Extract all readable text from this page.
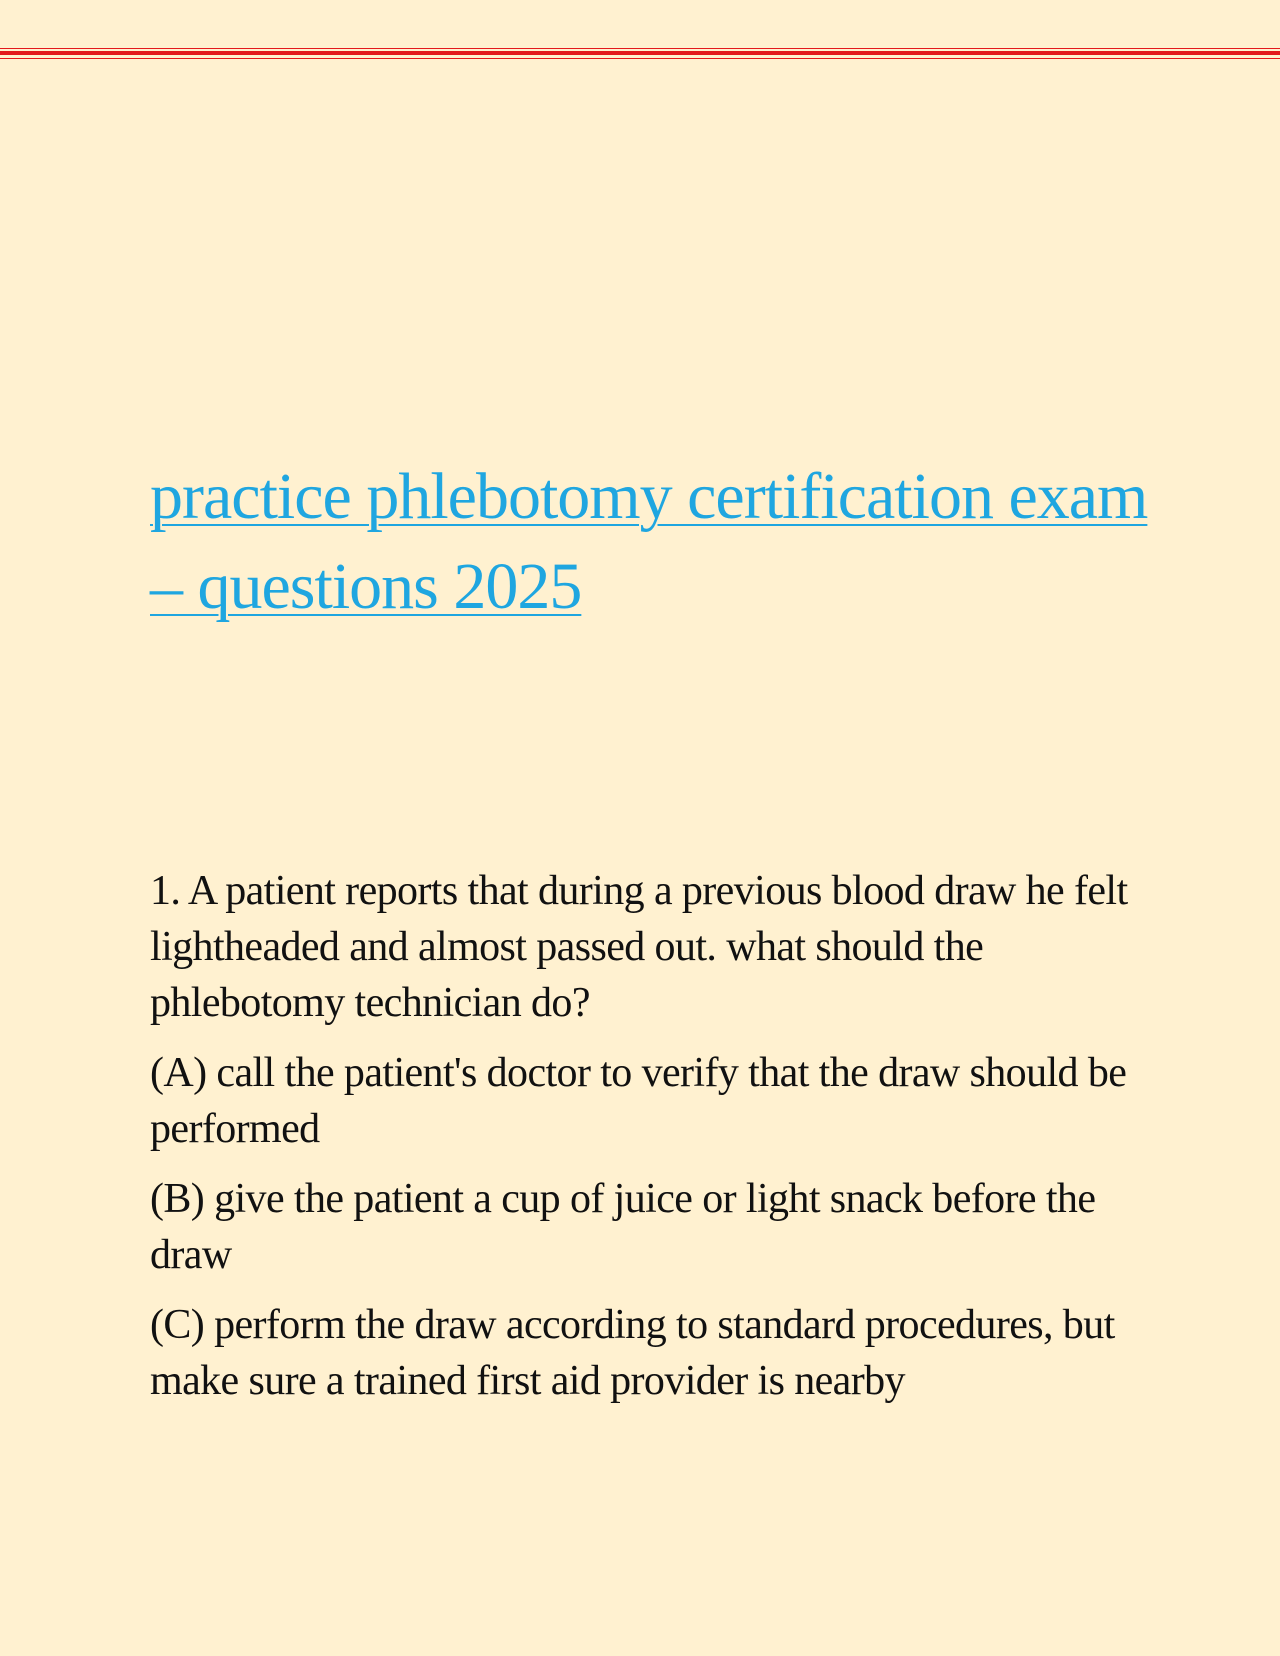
practice phlebotomy certification exam – questions 2025

1. A patient reports that during a previous blood draw he felt lightheaded and almost passed out. what should the phlebotomy technician do?

(A) call the patient's doctor to verify that the draw should be performed

(B) give the patient a cup of juice or light snack before the draw

(C) perform the draw according to standard procedures, but make sure a trained first aid provider is nearby
